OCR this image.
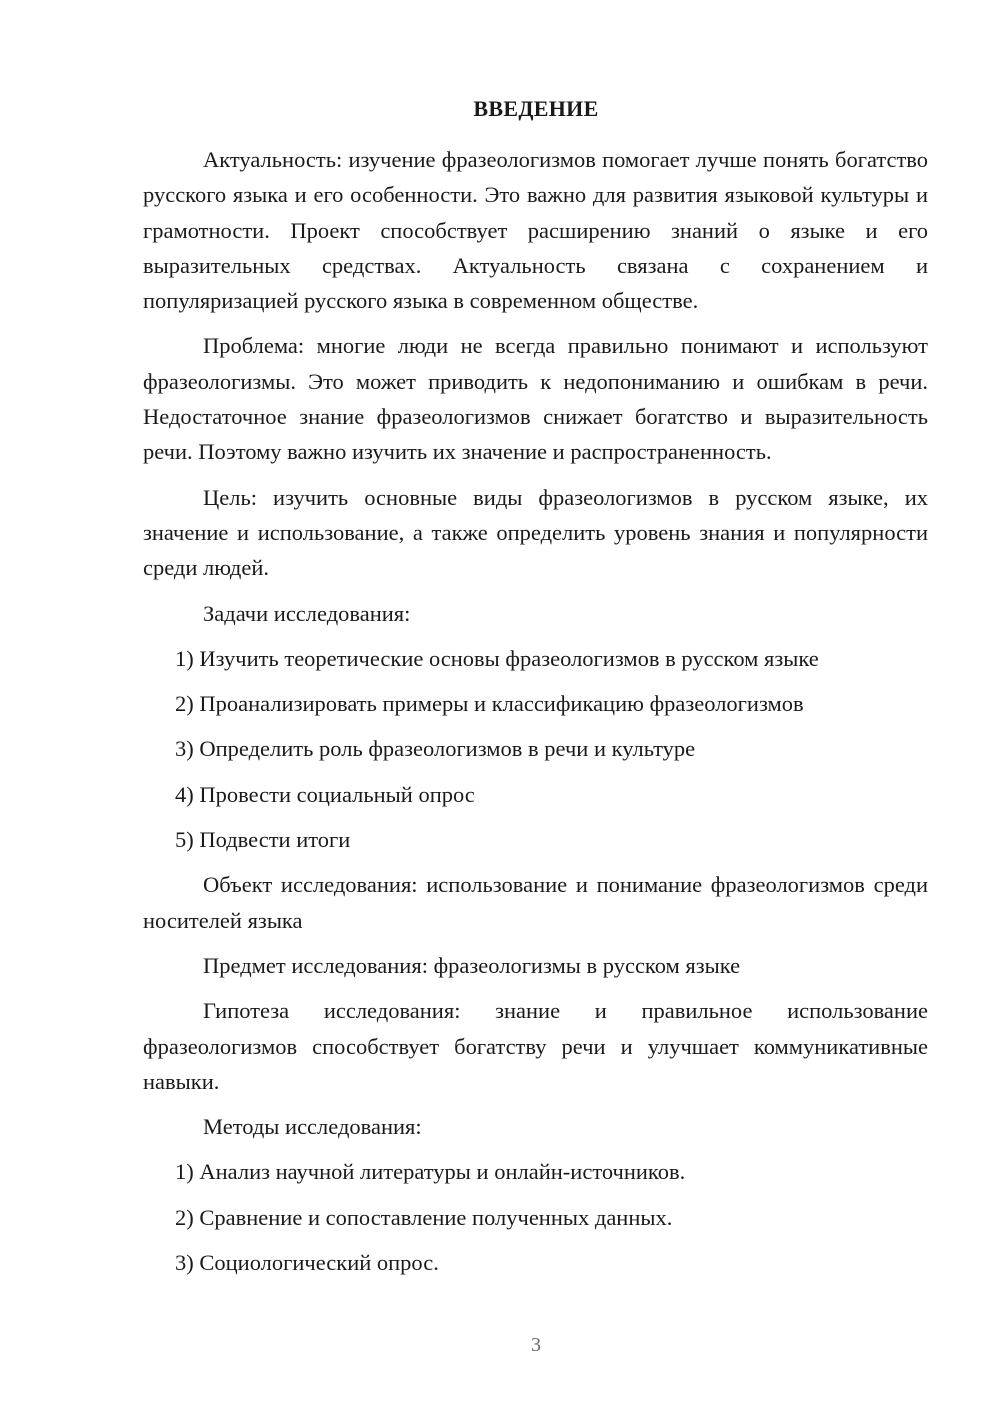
ВВЕДЕНИЕ

Актуальность: изучение фразеологизмов помогает лучше понять богатство русского языка и его особенности. Это важно для развития языковой культуры и грамотности. Проект способствует расширению знаний о языке и его выразительных средствах. Актуальность связана с сохранением и популяризацией русского языка в современном обществе.

Проблема: многие люди не всегда правильно понимают и используют фразеологизмы. Это может приводить к недопониманию и ошибкам в речи. Недостаточное знание фразеологизмов снижает богатство и выразительность речи. Поэтому важно изучить их значение и распространенность.

Цель: изучить основные виды фразеологизмов в русском языке, их значение и использование, а также определить уровень знания и популярности среди людей.

Задачи исследования:

1) Изучить теоретические основы фразеологизмов в русском языке
2) Проанализировать примеры и классификацию фразеологизмов
3) Определить роль фразеологизмов в речи и культуре
4) Провести социальный опрос
5) Подвести итоги

Объект исследования: использование и понимание фразеологизмов среди носителей языка

Предмет исследования: фразеологизмы в русском языке

Гипотеза исследования: знание и правильное использование фразеологизмов способствует богатству речи и улучшает коммуникативные навыки.

Методы исследования:

1) Анализ научной литературы и онлайн-источников.
2) Сравнение и сопоставление полученных данных.
3) Социологический опрос.
3
